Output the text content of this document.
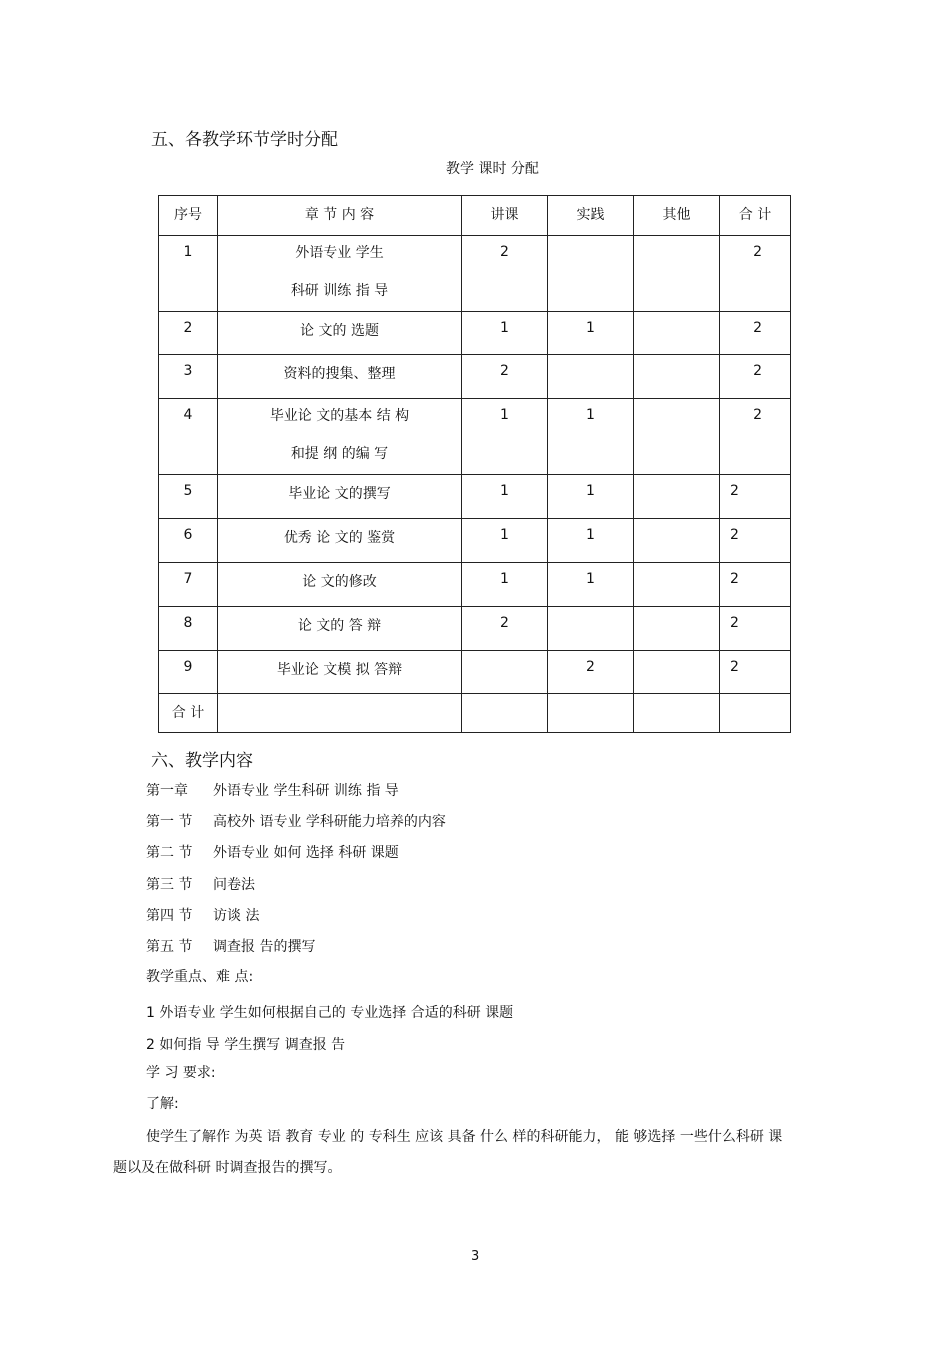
五、各教学环节学时分配
教学 课时 分配
序号	章 节 内 容	讲课	实践	其他	合 计
1	外语专业 学生
科研 训练 指 导	2			2
2	论 文的 选题	1	1		2
3	资料的搜集、整理	2			2
4	毕业论 文的基本 结 构
和提 纲 的编 写	1	1		2
5	毕业论 文的撰写	1	1		2
6	优秀 论 文的 鉴赏	1	1		2
7	论 文的修改	1	1		2
8	论 文的 答 辩	2			2
9	毕业论 文模 拟 答辩		2		2
合 计					
六、教学内容
第一章 外语专业 学生科研 训练 指 导
第一 节 高校外 语专业 学科研能力培养的内容
第二 节 外语专业 如何 选择 科研 课题
第三 节 问卷法
第四 节 访谈 法
第五 节 调查报 告的撰写
教学重点、难 点:
1 外语专业 学生如何根据自己的 专业选择 合适的科研 课题
2 如何指 导 学生撰写 调查报 告
学 习 要求:
了解:
使学生了解作 为英 语 教育 专业 的 专科生 应该 具备 什么 样的科研能力， 能 够选择 一些什么科研 课
题以及在做科研 时调查报告的撰写。
3
